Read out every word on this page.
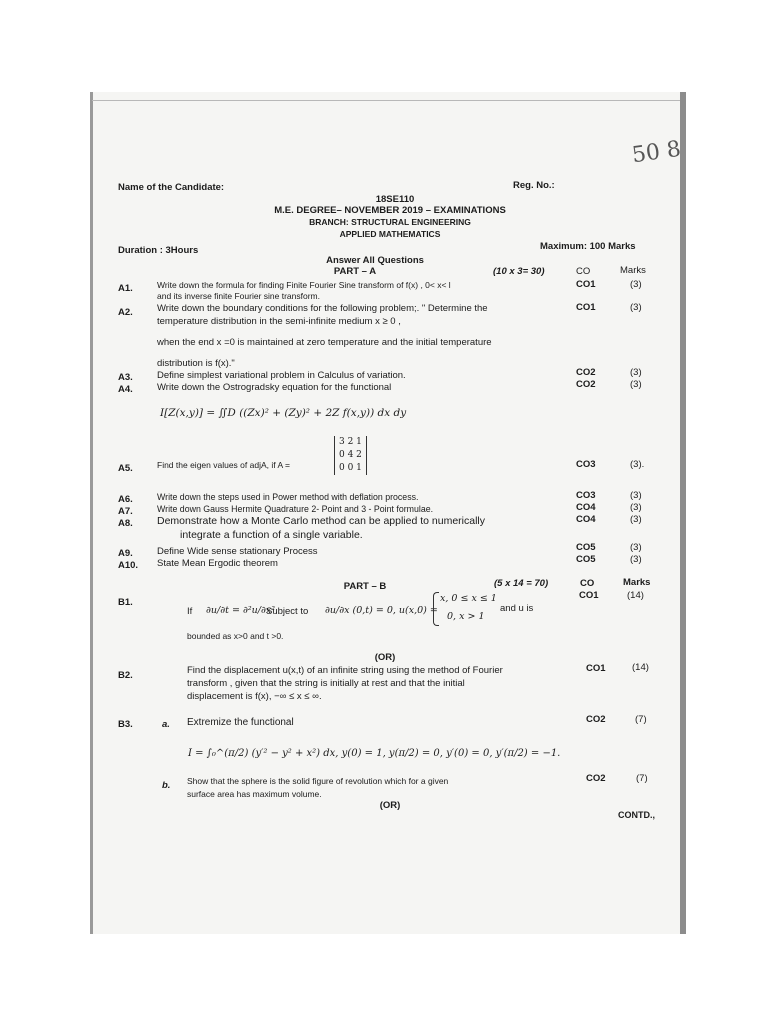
50 8
Name of the Candidate:	Reg. No.:
18SE110
M.E. DEGREE– NOVEMBER 2019 – EXAMINATIONS
BRANCH: STRUCTURAL ENGINEERING
APPLIED MATHEMATICS
Duration : 3Hours	Maximum: 100 Marks
Answer All Questions
PART – A	(10 x 3= 30)	CO	Marks
A1.	Write down the formula for finding Finite Fourier Sine transform of f(x) , 0< x< l
and its inverse finite Fourier sine transform.
CO1	(3)
A2.	Write down the boundary conditions for the following problem;. " Determine the
temperature distribution in the semi-infinite medium x ≥ 0 ,
when the end x =0 is maintained at zero temperature and the initial temperature
distribution is f(x)."
CO1	(3)
A3.	Define simplest variational problem in Calculus of variation.	CO2	(3)
A4.	Write down the Ostrogradsky equation for the functional	CO2	(3)
I[Z(x,y)] = ∬D ((Zx)² + (Zy)² + 2Z f(x,y)) dx dy
A5.	Find the eigen values of adjA, if A =
3 2 1
0 4 2
0 0 1	CO3	(3).
A6.	Write down the steps used in Power method with deflation process.	CO3	(3)
A7.	Write down Gauss Hermite Quadrature 2- Point and 3 - Point formulae.	CO4	(3)
A8. Demonstrate how a Monte Carlo method can be applied to numerically
integrate a function of a single variable.
CO4	(3)
A9.	Define Wide sense stationary Process	CO5	(3)
A10. State Mean Ergodic theorem	CO5	(3)
PART – B	(5 x 14 = 70)	CO	Marks
B1.
If ∂u/∂t = ∂²u/∂x²
Subject to ∂u/∂x (0,t) = 0, u(x,0) =
x, 0 ≤ x ≤ 1
0, x > 1
and u is
bounded as x>0 and t >0.
CO1	(14)
(OR)
B2.	Find the displacement u(x,t) of an infinite string using the method of Fourier
transform , given that the string is initially at rest and that the initial
displacement is f(x), −∞ ≤ x ≤ ∞.
CO1	(14)
B3.	a. Extremize the functional
I = ∫₀^(π/2) (y′² − y² + x²) dx, y(0) = 1, y(π/2) = 0, y′(0) = 0, y′(π/2) = −1.
CO2	(7)
b. Show that the sphere is the solid figure of revolution which for a given
surface area has maximum volume.
CO2	(7)
(OR)
CONTD.,
